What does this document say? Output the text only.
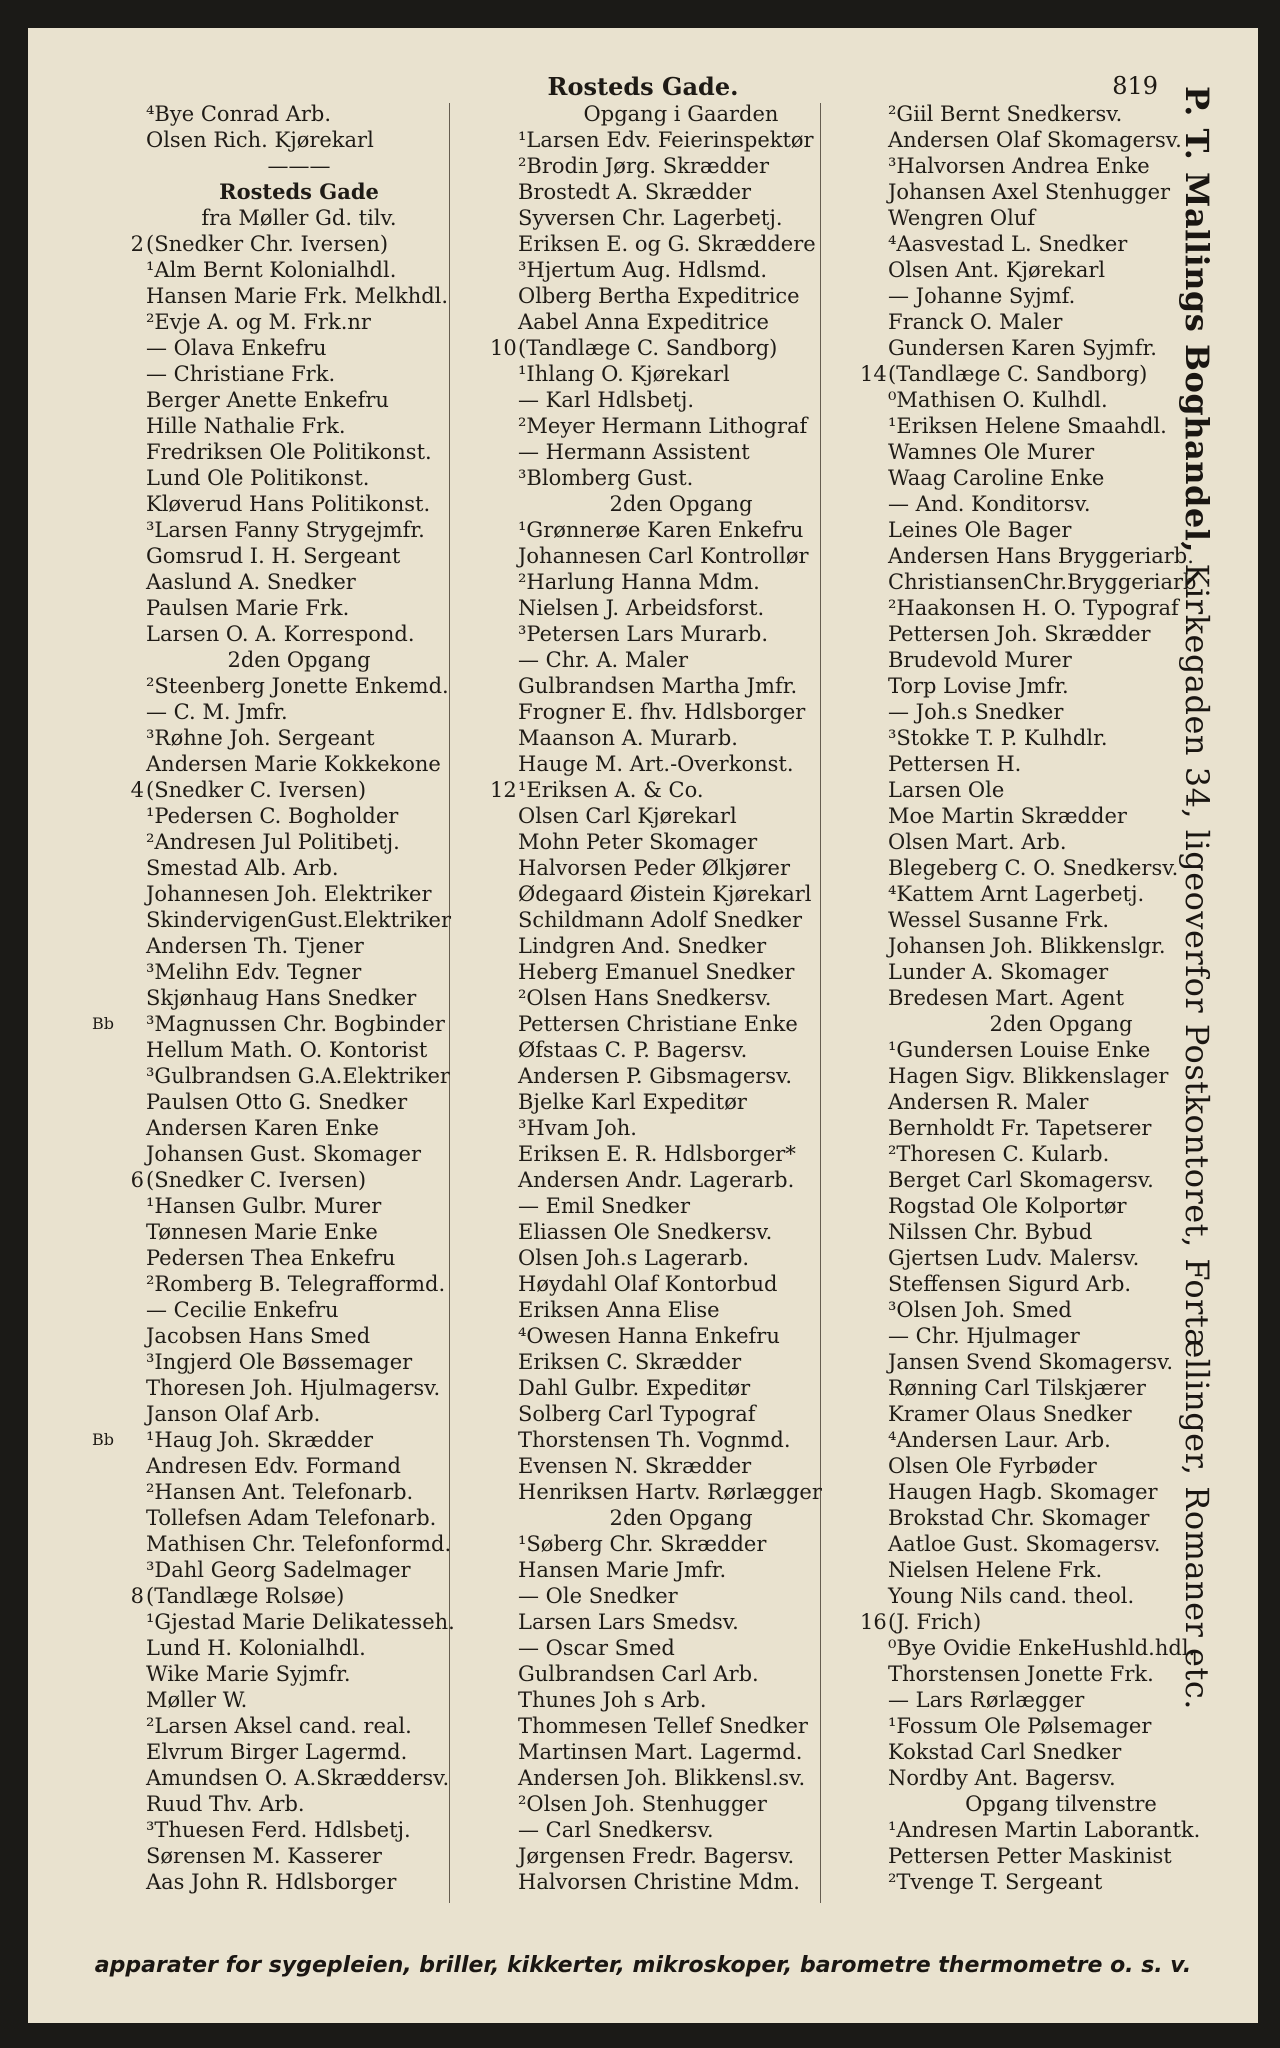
Rosteds Gade.	819
⁴Bye Conrad Arb.
Olsen Rich. Kjørekarl
———
Rosteds Gade
fra Møller Gd. tilv.
2 (Snedker Chr. Iversen)
¹Alm Bernt Kolonialhdl.
Hansen Marie Frk. Melkhdl.
²Evje A. og M. Frk.nr
— Olava Enkefru
— Christiane Frk.
Berger Anette Enkefru
Hille Nathalie Frk.
Fredriksen Ole Politikonst.
Lund Ole Politikonst.
Kløverud Hans Politikonst.
³Larsen Fanny Strygejmfr.
Gomsrud I. H. Sergeant
Aaslund A. Snedker
Paulsen Marie Frk.
Larsen O. A. Korrespond.
2den Opgang
²Steenberg Jonette Enkemd.
— C. M. Jmfr.
³Røhne Joh. Sergeant
Andersen Marie Kokkekone
4 (Snedker C. Iversen)
¹Pedersen C. Bogholder
²Andresen Jul Politibetj.
Smestad Alb. Arb.
Johannesen Joh. Elektriker
SkindervigenGust.Elektriker
Andersen Th. Tjener
³Melihn Edv. Tegner
Skjønhaug Hans Snedker
Bb ³Magnussen Chr. Bogbinder
Hellum Math. O. Kontorist
³Gulbrandsen G.A.Elektriker
Paulsen Otto G. Snedker
Andersen Karen Enke
Johansen Gust. Skomager
6 (Snedker C. Iversen)
¹Hansen Gulbr. Murer
Tønnesen Marie Enke
Pedersen Thea Enkefru
²Romberg B. Telegrafformd.
— Cecilie Enkefru
Jacobsen Hans Smed
³Ingjerd Ole Bøssemager
Thoresen Joh. Hjulmagersv.
Janson Olaf Arb.
Bb ¹Haug Joh. Skrædder
Andresen Edv. Formand
²Hansen Ant. Telefonarb.
Tollefsen Adam Telefonarb.
Mathisen Chr. Telefonformd.
³Dahl Georg Sadelmager
8 (Tandlæge Rolsøe)
¹Gjestad Marie Delikatesseh.
Lund H. Kolonialhdl.
Wike Marie Syjmfr.
Møller W.
²Larsen Aksel cand. real.
Elvrum Birger Lagermd.
Amundsen O. A.Skræddersv.
Ruud Thv. Arb.
³Thuesen Ferd. Hdlsbetj.
Sørensen M. Kasserer
Aas John R. Hdlsborger
Opgang i Gaarden
¹Larsen Edv. Feierinspektør
²Brodin Jørg. Skrædder
Brostedt A. Skrædder
Syversen Chr. Lagerbetj.
Eriksen E. og G. Skræddere
³Hjertum Aug. Hdlsmd.
Olberg Bertha Expeditrice
Aabel Anna Expeditrice
10 (Tandlæge C. Sandborg)
¹Ihlang O. Kjørekarl
— Karl Hdlsbetj.
²Meyer Hermann Lithograf
— Hermann Assistent
³Blomberg Gust.
2den Opgang
¹Grønnerøe Karen Enkefru
Johannesen Carl Kontrollør
²Harlung Hanna Mdm.
Nielsen J. Arbeidsforst.
³Petersen Lars Murarb.
— Chr. A. Maler
Gulbrandsen Martha Jmfr.
Frogner E. fhv. Hdlsborger
Maanson A. Murarb.
Hauge M. Art.-Overkonst.
12 ¹Eriksen A. & Co.
Olsen Carl Kjørekarl
Mohn Peter Skomager
Halvorsen Peder Ølkjører
Ødegaard Øistein Kjørekarl
Schildmann Adolf Snedker
Lindgren And. Snedker
Heberg Emanuel Snedker
²Olsen Hans Snedkersv.
Pettersen Christiane Enke
Øfstaas C. P. Bagersv.
Andersen P. Gibsmagersv.
Bjelke Karl Expeditør
³Hvam Joh.
Eriksen E. R. Hdlsborger*
Andersen Andr. Lagerarb.
— Emil Snedker
Eliassen Ole Snedkersv.
Olsen Joh.s Lagerarb.
Høydahl Olaf Kontorbud
Eriksen Anna Elise
⁴Owesen Hanna Enkefru
Eriksen C. Skrædder
Dahl Gulbr. Expeditør
Solberg Carl Typograf
Thorstensen Th. Vognmd.
Evensen N. Skrædder
Henriksen Hartv. Rørlægger
2den Opgang
¹Søberg Chr. Skrædder
Hansen Marie Jmfr.
— Ole Snedker
Larsen Lars Smedsv.
— Oscar Smed
Gulbrandsen Carl Arb.
Thunes Joh s Arb.
Thommesen Tellef Snedker
Martinsen Mart. Lagermd.
Andersen Joh. Blikkensl.sv.
²Olsen Joh. Stenhugger
— Carl Snedkersv.
Jørgensen Fredr. Bagersv.
Halvorsen Christine Mdm.
²Giil Bernt Snedkersv.
Andersen Olaf Skomagersv.
³Halvorsen Andrea Enke
Johansen Axel Stenhugger
Wengren Oluf
⁴Aasvestad L. Snedker
Olsen Ant. Kjørekarl
— Johanne Syjmf.
Franck O. Maler
Gundersen Karen Syjmfr.
14 (Tandlæge C. Sandborg)
⁰Mathisen O. Kulhdl.
¹Eriksen Helene Smaahdl.
Wamnes Ole Murer
Waag Caroline Enke
— And. Konditorsv.
Leines Ole Bager
Andersen Hans Bryggeriarb.
ChristiansenChr.Bryggeriarb
²Haakonsen H. O. Typograf
Pettersen Joh. Skrædder
Brudevold Murer
Torp Lovise Jmfr.
— Joh.s Snedker
³Stokke T. P. Kulhdlr.
Pettersen H.
Larsen Ole
Moe Martin Skrædder
Olsen Mart. Arb.
Blegeberg C. O. Snedkersv.
⁴Kattem Arnt Lagerbetj.
Wessel Susanne Frk.
Johansen Joh. Blikkenslgr.
Lunder A. Skomager
Bredesen Mart. Agent
2den Opgang
¹Gundersen Louise Enke
Hagen Sigv. Blikkenslager
Andersen R. Maler
Bernholdt Fr. Tapetserer
²Thoresen C. Kularb.
Berget Carl Skomagersv.
Rogstad Ole Kolportør
Nilssen Chr. Bybud
Gjertsen Ludv. Malersv.
Steffensen Sigurd Arb.
³Olsen Joh. Smed
— Chr. Hjulmager
Jansen Svend Skomagersv.
Rønning Carl Tilskjærer
Kramer Olaus Snedker
⁴Andersen Laur. Arb.
Olsen Ole Fyrbøder
Haugen Hagb. Skomager
Brokstad Chr. Skomager
Aatloe Gust. Skomagersv.
Nielsen Helene Frk.
Young Nils cand. theol.
16 (J. Frich)
⁰Bye Ovidie EnkeHushld.hdl.
Thorstensen Jonette Frk.
— Lars Rørlægger
¹Fossum Ole Pølsemager
Kokstad Carl Snedker
Nordby Ant. Bagersv.
Opgang tilvenstre
¹Andresen Martin Laborantk.
Pettersen Petter Maskinist
²Tvenge T. Sergeant
P. T. Mallings Boghandel, Kirkegaden 34, ligeoverfor Postkontoret, Fortællinger, Romaner etc.
apparater for sygepleien, briller, kikkerter, mikroskoper, barometre thermometre o. s. v.
